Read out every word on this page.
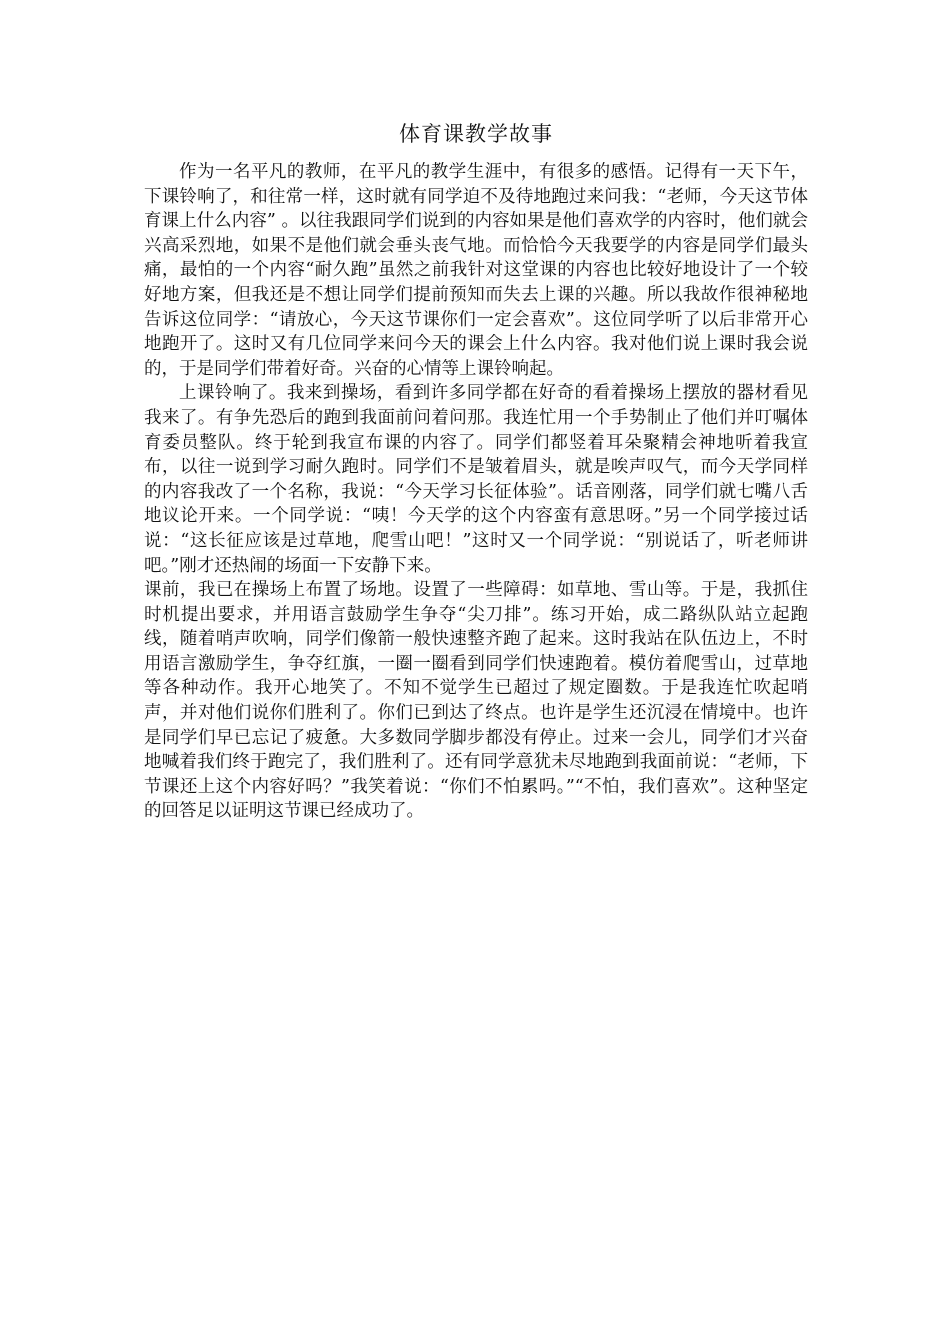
体育课教学故事

作为一名平凡的教师，在平凡的教学生涯中，有很多的感悟。记得有一天下午，下课铃响了，和往常一样，这时就有同学迫不及待地跑过来问我：“老师，今天这节体育课上什么内容” 。以往我跟同学们说到的内容如果是他们喜欢学的内容时，他们就会兴高采烈地，如果不是他们就会垂头丧气地。而恰恰今天我要学的内容是同学们最头痛，最怕的一个内容“耐久跑”虽然之前我针对这堂课的内容也比较好地设计了一个较好地方案，但我还是不想让同学们提前预知而失去上课的兴趣。所以我故作很神秘地告诉这位同学：“请放心，今天这节课你们一定会喜欢”。这位同学听了以后非常开心地跑开了。这时又有几位同学来问今天的课会上什么内容。我对他们说上课时我会说的，于是同学们带着好奇。兴奋的心情等上课铃响起。

上课铃响了。我来到操场，看到许多同学都在好奇的看着操场上摆放的器材看见我来了。有争先恐后的跑到我面前问着问那。我连忙用一个手势制止了他们并叮嘱体育委员整队。终于轮到我宣布课的内容了。同学们都竖着耳朵聚精会神地听着我宣布，以往一说到学习耐久跑时。同学们不是皱着眉头，就是唉声叹气，而今天学同样的内容我改了一个名称，我说：“今天学习长征体验”。话音刚落，同学们就七嘴八舌地议论开来。一个同学说：“咦！今天学的这个内容蛮有意思呀。”另一个同学接过话说：“这长征应该是过草地，爬雪山吧！”这时又一个同学说：“别说话了，听老师讲吧。”刚才还热闹的场面一下安静下来。

课前，我已在操场上布置了场地。设置了一些障碍：如草地、雪山等。于是，我抓住时机提出要求，并用语言鼓励学生争夺“尖刀排”。练习开始，成二路纵队站立起跑线，随着哨声吹响，同学们像箭一般快速整齐跑了起来。这时我站在队伍边上，不时用语言激励学生，争夺红旗，一圈一圈看到同学们快速跑着。模仿着爬雪山，过草地等各种动作。我开心地笑了。不知不觉学生已超过了规定圈数。于是我连忙吹起哨声，并对他们说你们胜利了。你们已到达了终点。也许是学生还沉浸在情境中。也许是同学们早已忘记了疲惫。大多数同学脚步都没有停止。过来一会儿，同学们才兴奋地喊着我们终于跑完了，我们胜利了。还有同学意犹未尽地跑到我面前说：“老师，下节课还上这个内容好吗？”我笑着说：“你们不怕累吗。”“不怕，我们喜欢”。这种坚定的回答足以证明这节课已经成功了。
